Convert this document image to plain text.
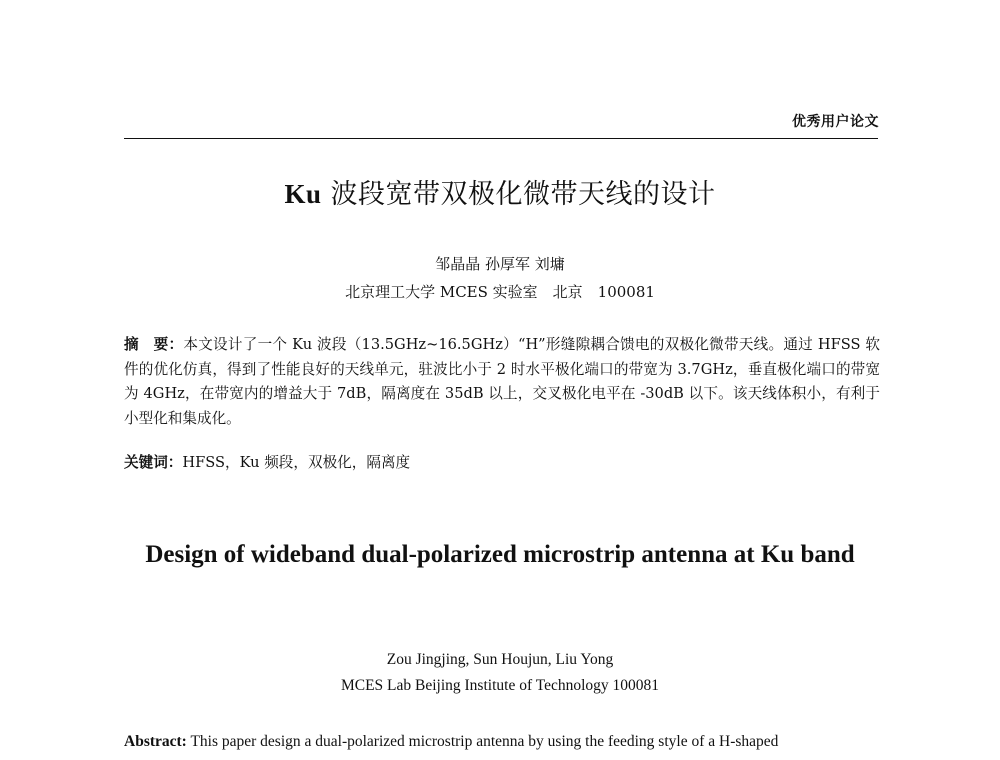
优秀用户论文
Ku 波段宽带双极化微带天线的设计
邹晶晶 孙厚军 刘墉
北京理工大学 MCES 实验室　北京　100081
摘　要：本文设计了一个 Ku 波段（13.5GHz~16.5GHz）“H”形缝隙耦合馈电的双极化微带天线。通过 HFSS 软件的优化仿真，得到了性能良好的天线单元，驻波比小于 2 时水平极化端口的带宽为 3.7GHz，垂直极化端口的带宽为 4GHz，在带宽内的增益大于 7dB，隔离度在 35dB 以上，交叉极化电平在 -30dB 以下。该天线体积小，有利于小型化和集成化。
关键词：HFSS，Ku 频段，双极化，隔离度
Design of wideband dual-polarized microstrip antenna at Ku band
Zou Jingjing, Sun Houjun, Liu Yong
MCES Lab Beijing Institute of Technology 100081
Abstract: This paper design a dual-polarized microstrip antenna by using the feeding style of a H-shaped
